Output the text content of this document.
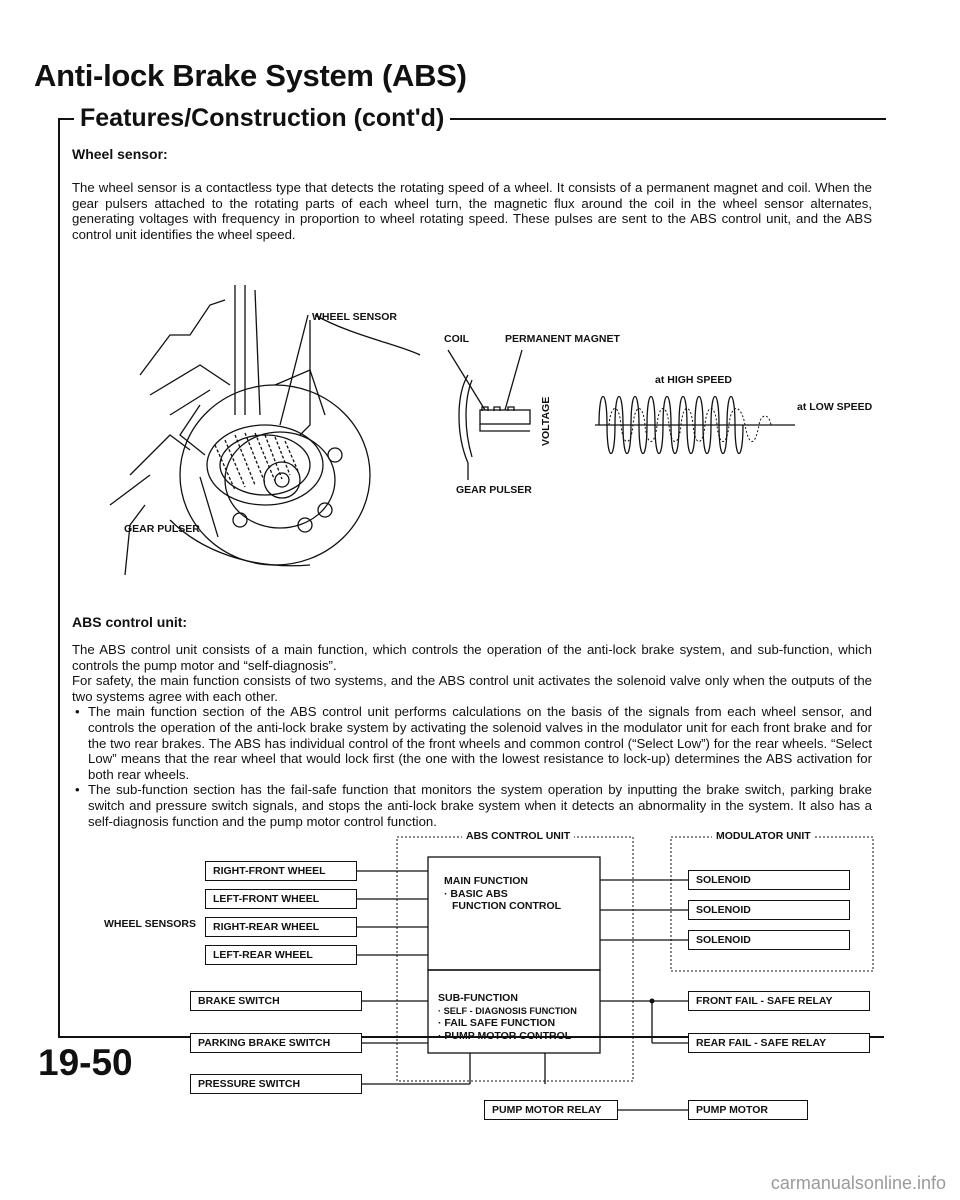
Anti-lock Brake System (ABS)
Features/Construction (cont'd)
Wheel sensor:

The wheel sensor is a contactless type that detects the rotating speed of a wheel. It consists of a permanent magnet and coil. When the gear pulsers attached to the rotating parts of each wheel turn, the magnetic flux around the coil in the wheel sensor alternates, generating voltages with frequency in proportion to wheel rotating speed. These pulses are sent to the ABS control unit, and the ABS control unit identifies the wheel speed.

WHEEL SENSOR
GEAR PULSER
COIL	PERMANENT MAGNET
GEAR PULSER
at HIGH SPEED
at LOW SPEED
VOLTAGE
ABS control unit:

The ABS control unit consists of a main function, which controls the operation of the anti-lock brake system, and sub-function, which controls the pump motor and “self-diagnosis”.

For safety, the main function consists of two systems, and the ABS control unit activates the solenoid valve only when the outputs of the two systems agree with each other.

• The main function section of the ABS control unit performs calculations on the basis of the signals from each wheel sensor, and controls the operation of the anti-lock brake system by activating the solenoid valves in the modulator unit for each front brake and for the two rear brakes. The ABS has individual control of the front wheels and common control (“Select Low”) for the rear wheels. “Select Low” means that the rear wheel that would lock first (the one with the lowest resistance to lock-up) determines the ABS activation for both rear wheels.
• The sub-function section has the fail-safe function that monitors the system operation by inputting the brake switch, parking brake switch and pressure switch signals, and stops the anti-lock brake system when it detects an abnormality in the system. It also has a self-diagnosis function and the pump motor control function.
ABS CONTROL UNIT	MODULATOR UNIT
WHEEL SENSORS
RIGHT-FRONT WHEEL
LEFT-FRONT WHEEL
RIGHT-REAR WHEEL
LEFT-REAR WHEEL
BRAKE SWITCH
PARKING BRAKE SWITCH
PRESSURE SWITCH
MAIN FUNCTION
· BASIC ABS
FUNCTION CONTROL
SUB-FUNCTION
· SELF - DIAGNOSIS FUNCTION
· FAIL SAFE FUNCTION
· PUMP MOTOR CONTROL
SOLENOID
SOLENOID
SOLENOID
FRONT FAIL - SAFE RELAY
REAR FAIL - SAFE RELAY
PUMP MOTOR RELAY	PUMP MOTOR
19-50
carmanualsonline.info
